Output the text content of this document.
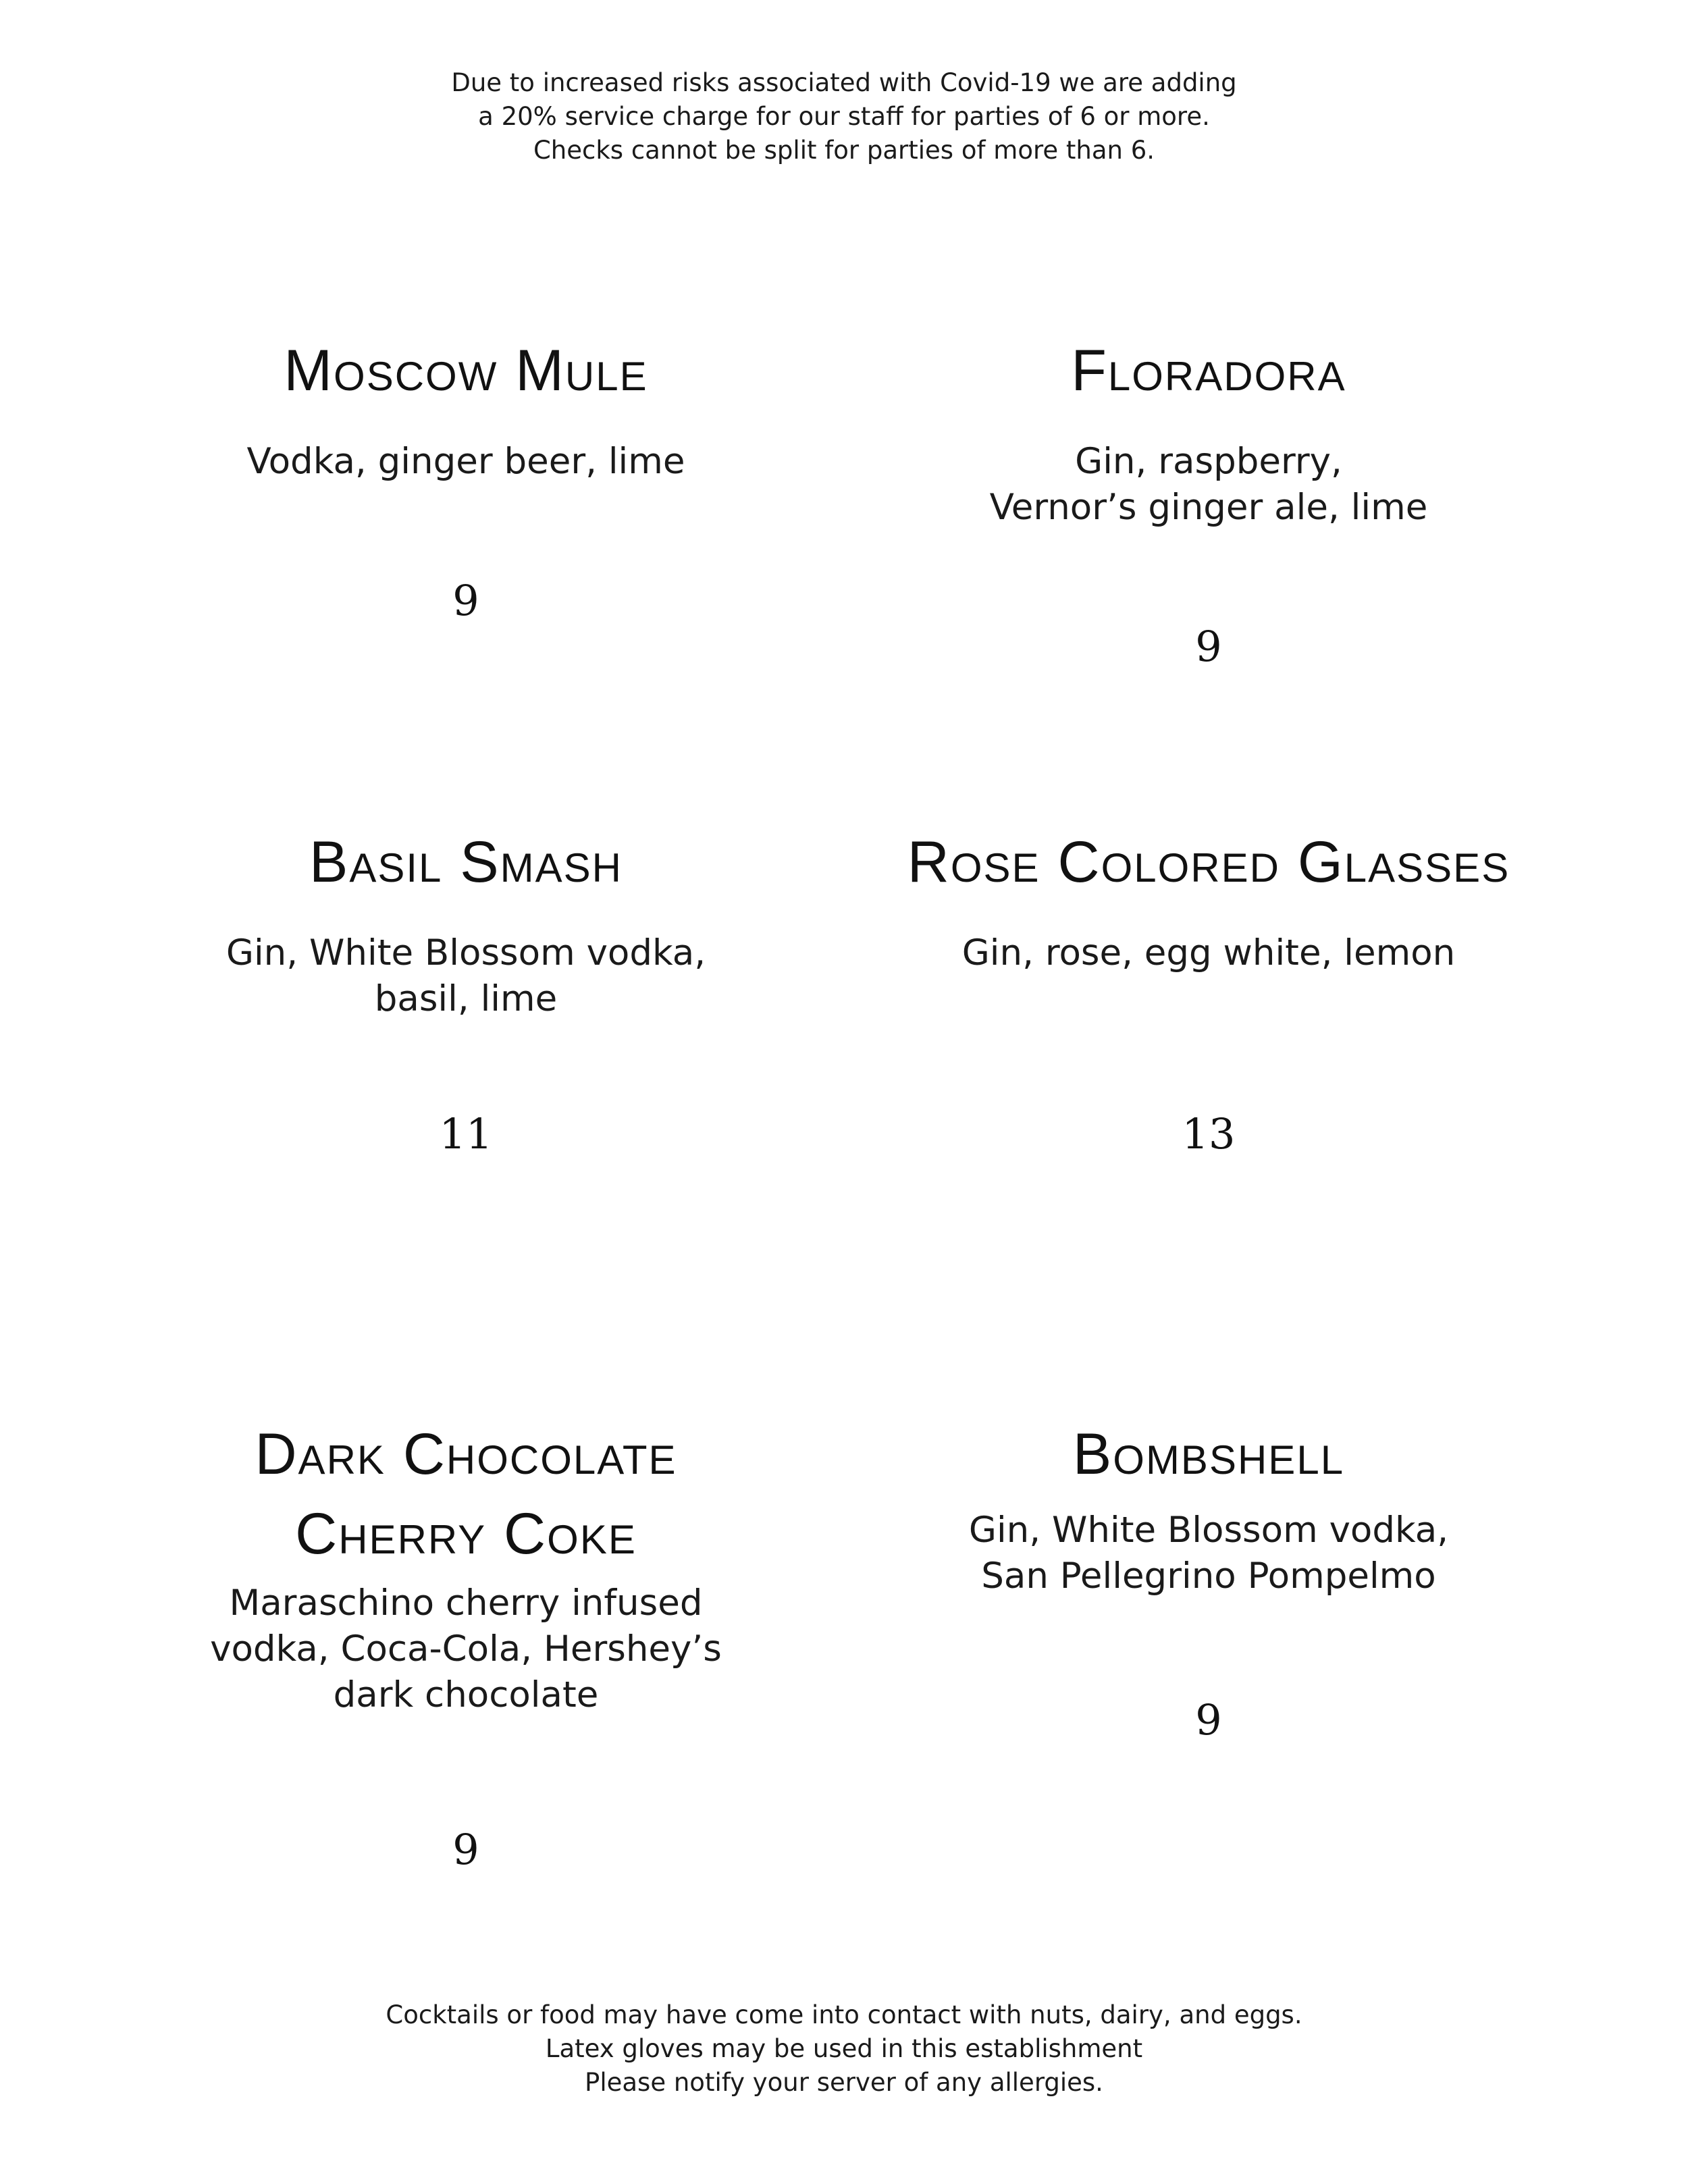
Due to increased risks associated with Covid-19 we are adding
a 20% service charge for our staff for parties of 6 or more.
Checks cannot be split for parties of more than 6.
Moscow Mule
Vodka, ginger beer, lime
9
Floradora
Gin, raspberry,
Vernor’s ginger ale, lime
9
Basil Smash
Gin, White Blossom vodka,
basil, lime
11
Rose Colored Glasses
Gin, rose, egg white, lemon
13
Dark Chocolate
Cherry Coke
Maraschino cherry infused
vodka, Coca-Cola, Hershey’s
dark chocolate
9
Bombshell
Gin, White Blossom vodka,
San Pellegrino Pompelmo
9
Cocktails or food may have come into contact with nuts, dairy, and eggs.
Latex gloves may be used in this establishment
Please notify your server of any allergies.
